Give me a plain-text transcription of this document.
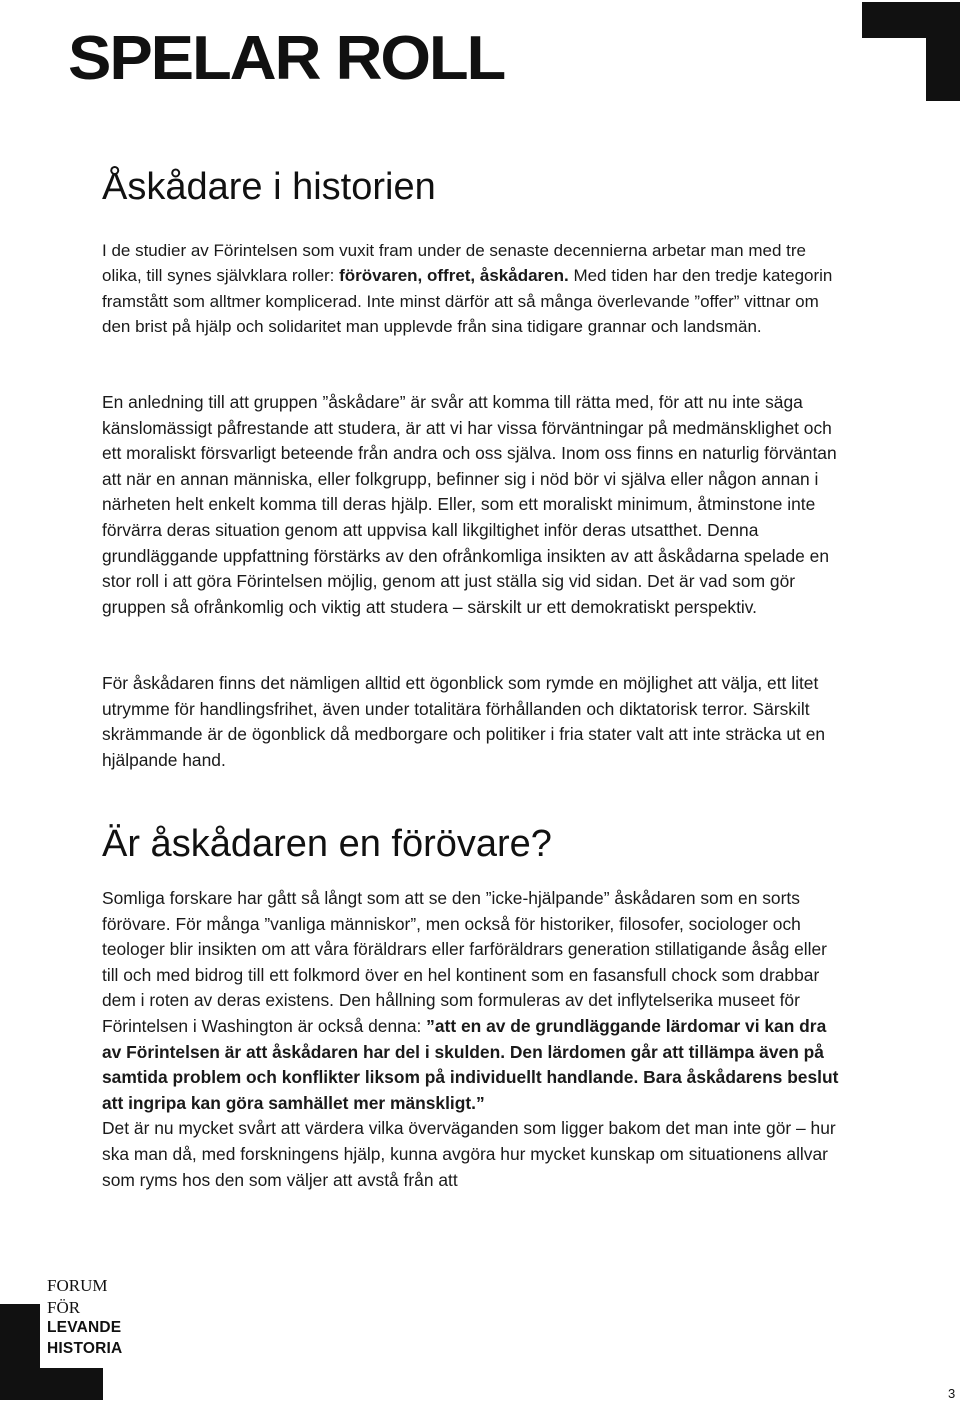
SPELAR ROLL
Åskådare i historien

I de studier av Förintelsen som vuxit fram under de senaste decennierna arbetar man med tre olika, till synes självklara roller: förövaren, offret, åskådaren. Med tiden har den tredje kategorin framstått som alltmer komplicerad. Inte minst därför att så många överlevande ”offer” vittnar om den brist på hjälp och solidaritet man upplevde från sina tidigare grannar och landsmän.

En anledning till att gruppen ”åskådare” är svår att komma till rätta med, för att nu inte säga känslomässigt påfrestande att studera, är att vi har vissa förväntningar på medmänsklighet och ett moraliskt försvarligt beteende från andra och oss själva. Inom oss finns en naturlig förväntan att när en annan människa, eller folkgrupp, befinner sig i nöd bör vi själva eller någon annan i närheten helt enkelt komma till deras hjälp. Eller, som ett moraliskt minimum, åtminstone inte förvärra deras situation genom att uppvisa kall likgiltighet inför deras utsatthet. Denna grundläggande uppfattning förstärks av den ofrånkomliga insikten av att åskådarna spelade en stor roll i att göra Förintelsen möjlig, genom att just ställa sig vid sidan. Det är vad som gör gruppen så ofrånkomlig och viktig att studera – särskilt ur ett demokratiskt perspektiv.

För åskådaren finns det nämligen alltid ett ögonblick som rymde en möjlighet att välja, ett litet utrymme för handlingsfrihet, även under totalitära förhållanden och diktatorisk terror. Särskilt skrämmande är de ögonblick då medborgare och politiker i fria stater valt att inte sträcka ut en hjälpande hand.

Är åskådaren en förövare?

Somliga forskare har gått så långt som att se den ”icke-hjälpande” åskådaren som en sorts förövare. För många ”vanliga människor”, men också för historiker, filosofer, sociologer och teologer blir insikten om att våra föräldrars eller farföräldrars generation stillatigande åsåg eller till och med bidrog till ett folkmord över en hel kontinent som en fasansfull chock som drabbar dem i roten av deras existens. Den hållning som formuleras av det inflytelserika museet för Förintelsen i Washington är också denna: ”att en av de grundläggande lärdomar vi kan dra av Förintelsen är att åskådaren har del i skulden. Den lärdomen går att tillämpa även på samtida problem och konflikter liksom på individuellt handlande. Bara åskådarens beslut att ingripa kan göra samhället mer mänskligt.”
Det är nu mycket svårt att värdera vilka överväganden som ligger bakom det man inte gör – hur ska man då, med forskningens hjälp, kunna avgöra hur mycket kunskap om situationens allvar som ryms hos den som väljer att avstå från att

FORUM

FÖR

LEVANDE

HISTORIA

3
